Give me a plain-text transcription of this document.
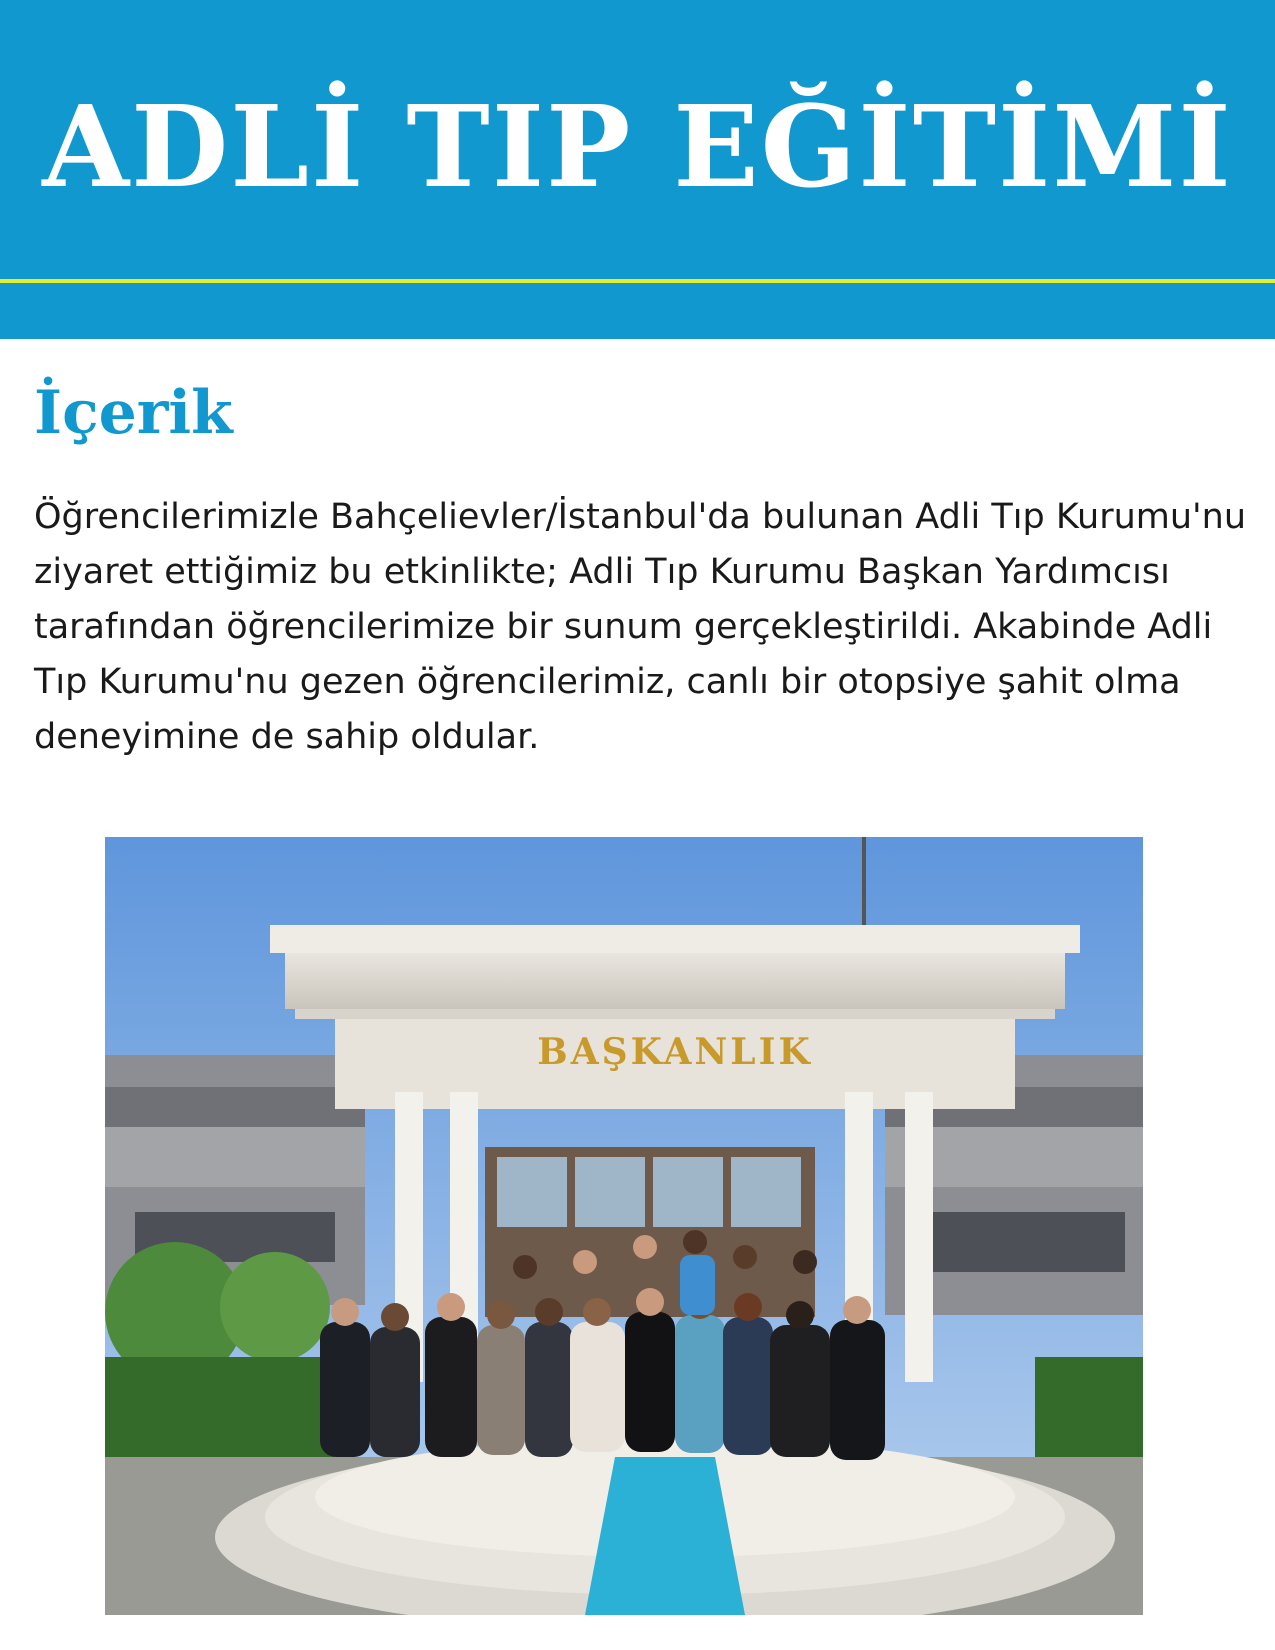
ADLİ TIP EĞİTİMİ
İçerik

Öğrencilerimizle Bahçelievler/İstanbul'da bulunan Adli Tıp Kurumu'nu ziyaret ettiğimiz bu etkinlikte; Adli Tıp Kurumu Başkan Yardımcısı tarafından öğrencilerimize bir sunum gerçekleştirildi. Akabinde Adli Tıp Kurumu'nu gezen öğrencilerimiz, canlı bir otopsiye şahit olma deneyimine de sahip oldular.

BAŞKANLIK
